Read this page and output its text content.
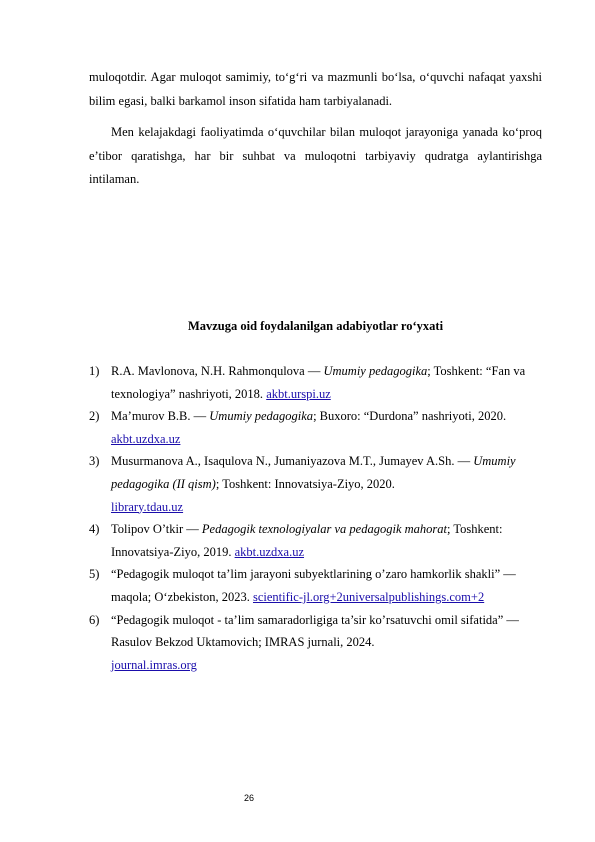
muloqotdir. Agar muloqot samimiy, to‘g‘ri va mazmunli bo‘lsa, o‘quvchi nafaqat yaxshi bilim egasi, balki barkamol inson sifatida ham tarbiyalanadi.

Men kelajakdagi faoliyatimda o‘quvchilar bilan muloqot jarayoniga yanada ko‘proq e’tibor qaratishga, har bir suhbat va muloqotni tarbiyaviy qudratga aylantirishga intilaman.

Mavzuga oid foydalanilgan adabiyotlar ro‘yxati
1) R.A. Mavlonova, N.H. Rahmonqulova — Umumiy pedagogika; Toshkent: “Fan va texnologiya” nashriyoti, 2018. akbt.urspi.uz
2) Ma’murov B.B. — Umumiy pedagogika; Buxoro: “Durdona” nashriyoti, 2020. akbt.uzdxa.uz
3) Musurmanova A., Isaqulova N., Jumaniyazova M.T., Jumayev A.Sh. — Umumiy pedagogika (II qism); Toshkent: Innovatsiya-Ziyo, 2020.
library.tdau.uz
4) Tolipov O’tkir — Pedagogik texnologiyalar va pedagogik mahorat; Toshkent: Innovatsiya-Ziyo, 2019. akbt.uzdxa.uz
5) “Pedagogik muloqot ta’lim jarayoni subyektlarining o’zaro hamkorlik shakli” — maqola; O‘zbekiston, 2023. scientific-jl.org+2universalpublishings.com+2
6) “Pedagogik muloqot - ta’lim samaradorligiga ta’sir ko’rsatuvchi omil sifatida” — Rasulov Bekzod Uktamovich; IMRAS jurnali, 2024.
journal.imras.org
26
